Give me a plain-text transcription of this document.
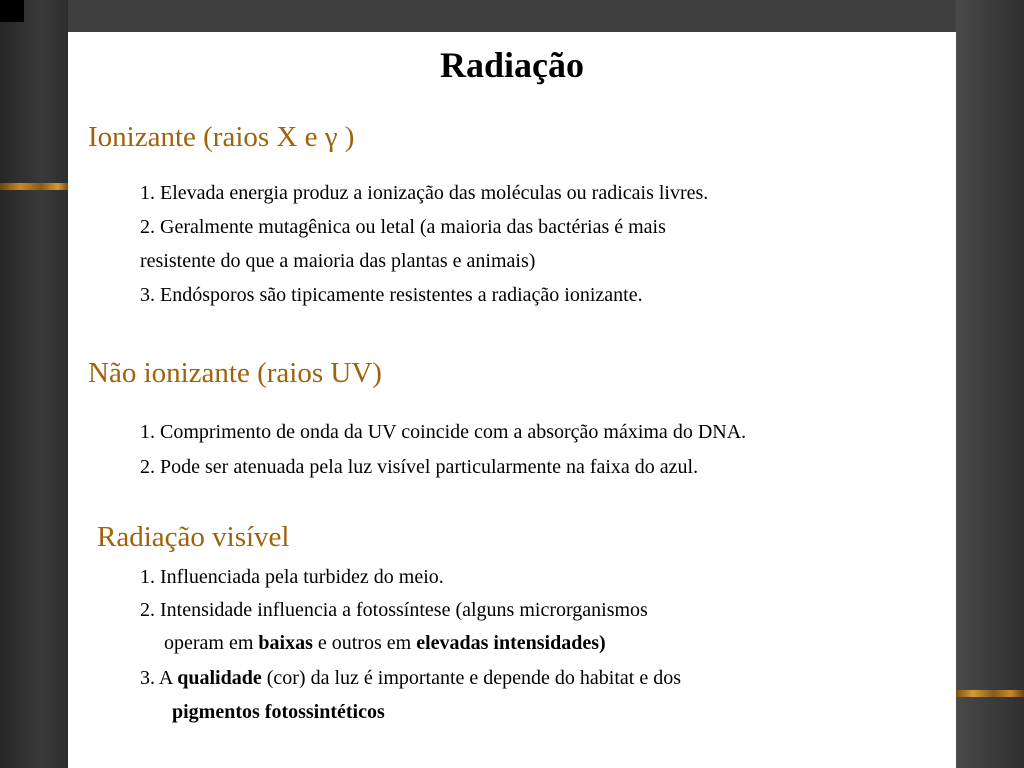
Radiação
Ionizante (raios X e γ )
1. Elevada energia produz a ionização das moléculas ou radicais livres.
2. Geralmente mutagênica ou letal (a maioria das bactérias é mais
resistente do que a maioria das plantas e animais)
3. Endósporos são tipicamente resistentes a radiação ionizante.
Não ionizante (raios UV)
1. Comprimento de onda da UV coincide com a absorção máxima do DNA.
2. Pode ser atenuada pela luz visível particularmente na faixa do azul.
Radiação visível
1. Influenciada pela turbidez do meio.
2. Intensidade influencia a fotossíntese (alguns microrganismos
operam em baixas e outros em elevadas intensidades)
3. A qualidade (cor) da luz é importante e depende do habitat e dos
pigmentos fotossintéticos
